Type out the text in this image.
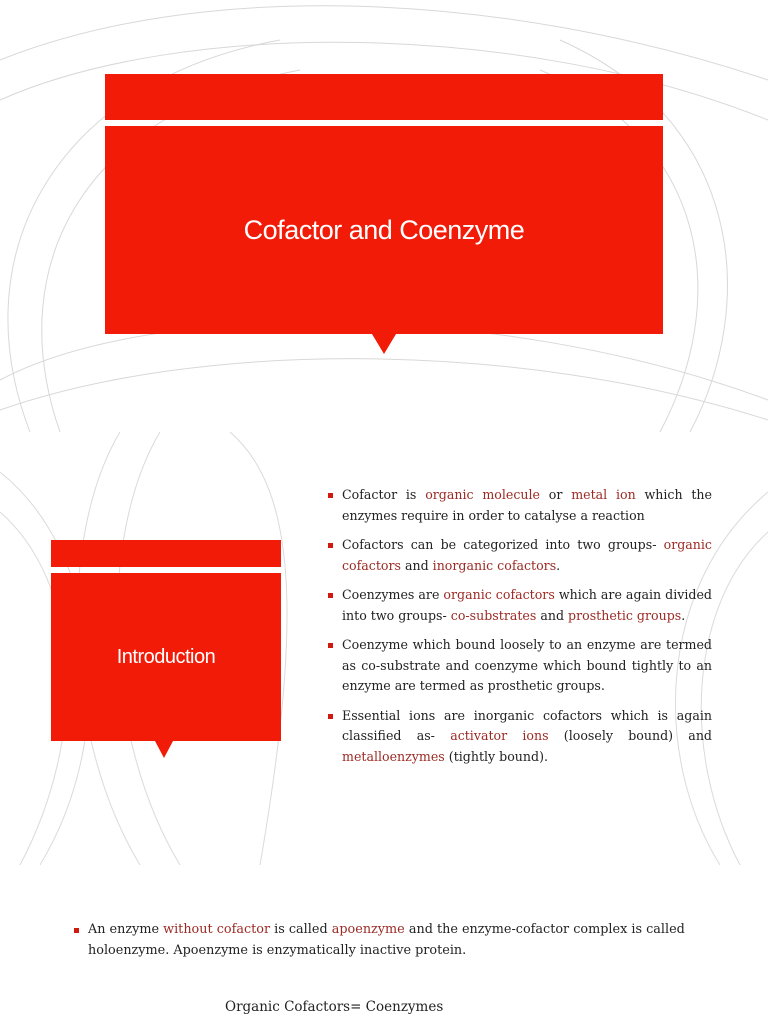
Cofactor and Coenzyme
Introduction
Cofactor is organic molecule or metal ion which the enzymes require in order to catalyse a reaction
Cofactors can be categorized into two groups- organic cofactors and inorganic cofactors.
Coenzymes are organic cofactors which are again divided into two groups- co-substrates and prosthetic groups.
Coenzyme which bound loosely to an enzyme are termed as co-substrate and coenzyme which bound tightly to an enzyme are termed as prosthetic groups.
Essential ions are inorganic cofactors which is again classified as- activator ions (loosely bound) and metalloenzymes (tightly bound).
An enzyme without cofactor is called apoenzyme and the enzyme-cofactor complex is called holoenzyme. Apoenzyme is enzymatically inactive protein.
Organic Cofactors= Coenzymes
